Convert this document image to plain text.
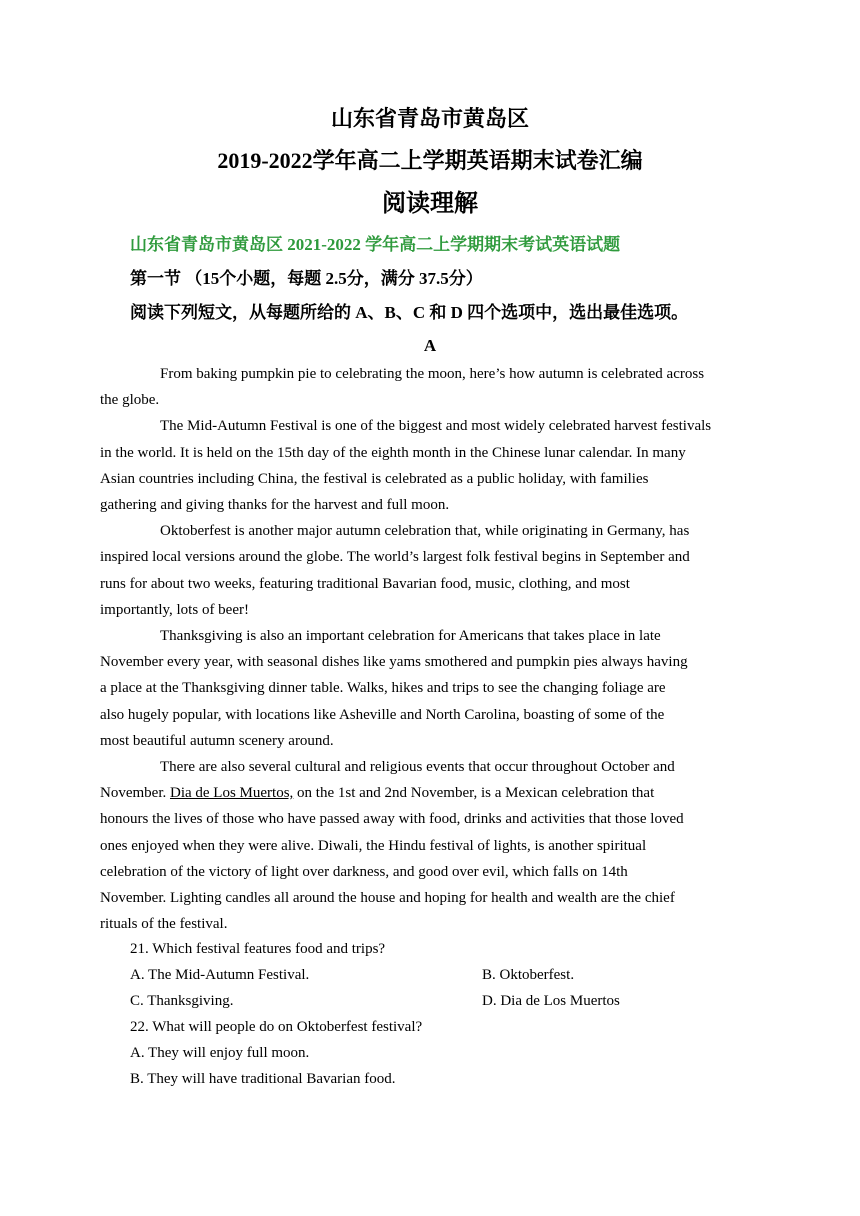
山东省青岛市黄岛区
2019-2022学年高二上学期英语期末试卷汇编
阅读理解
山东省青岛市黄岛区 2021-2022 学年高二上学期期末考试英语试题
第一节 （15个小题，每题 2.5分，满分 37.5分）
阅读下列短文，从每题所给的 A、B、C 和 D 四个选项中，选出最佳选项。
A

From baking pumpkin pie to celebrating the moon, here’s how autumn is celebrated across
the globe.

The Mid-Autumn Festival is one of the biggest and most widely celebrated harvest festivals
in the world. It is held on the 15th day of the eighth month in the Chinese lunar calendar. In many
Asian countries including China, the festival is celebrated as a public holiday, with families
gathering and giving thanks for the harvest and full moon.

Oktoberfest is another major autumn celebration that, while originating in Germany, has
inspired local versions around the globe. The world’s largest folk festival begins in September and
runs for about two weeks, featuring traditional Bavarian food, music, clothing, and most
importantly, lots of beer!

Thanksgiving is also an important celebration for Americans that takes place in late
November every year, with seasonal dishes like yams smothered and pumpkin pies always having
a place at the Thanksgiving dinner table. Walks, hikes and trips to see the changing foliage are
also hugely popular, with locations like Asheville and North Carolina, boasting of some of the
most beautiful autumn scenery around.

There are also several cultural and religious events that occur throughout October and
November. Dia de Los Muertos, on the 1st and 2nd November, is a Mexican celebration that
honours the lives of those who have passed away with food, drinks and activities that those loved
ones enjoyed when they were alive. Diwali, the Hindu festival of lights, is another spiritual
celebration of the victory of light over darkness, and good over evil, which falls on 14th
November. Lighting candles all around the house and hoping for health and wealth are the chief
rituals of the festival.

21. Which festival features food and trips?
A. The Mid-Autumn Festival.	B. Oktoberfest.
C. Thanksgiving.	D. Dia de Los Muertos
22. What will people do on Oktoberfest festival?
A. They will enjoy full moon.
B. They will have traditional Bavarian food.
